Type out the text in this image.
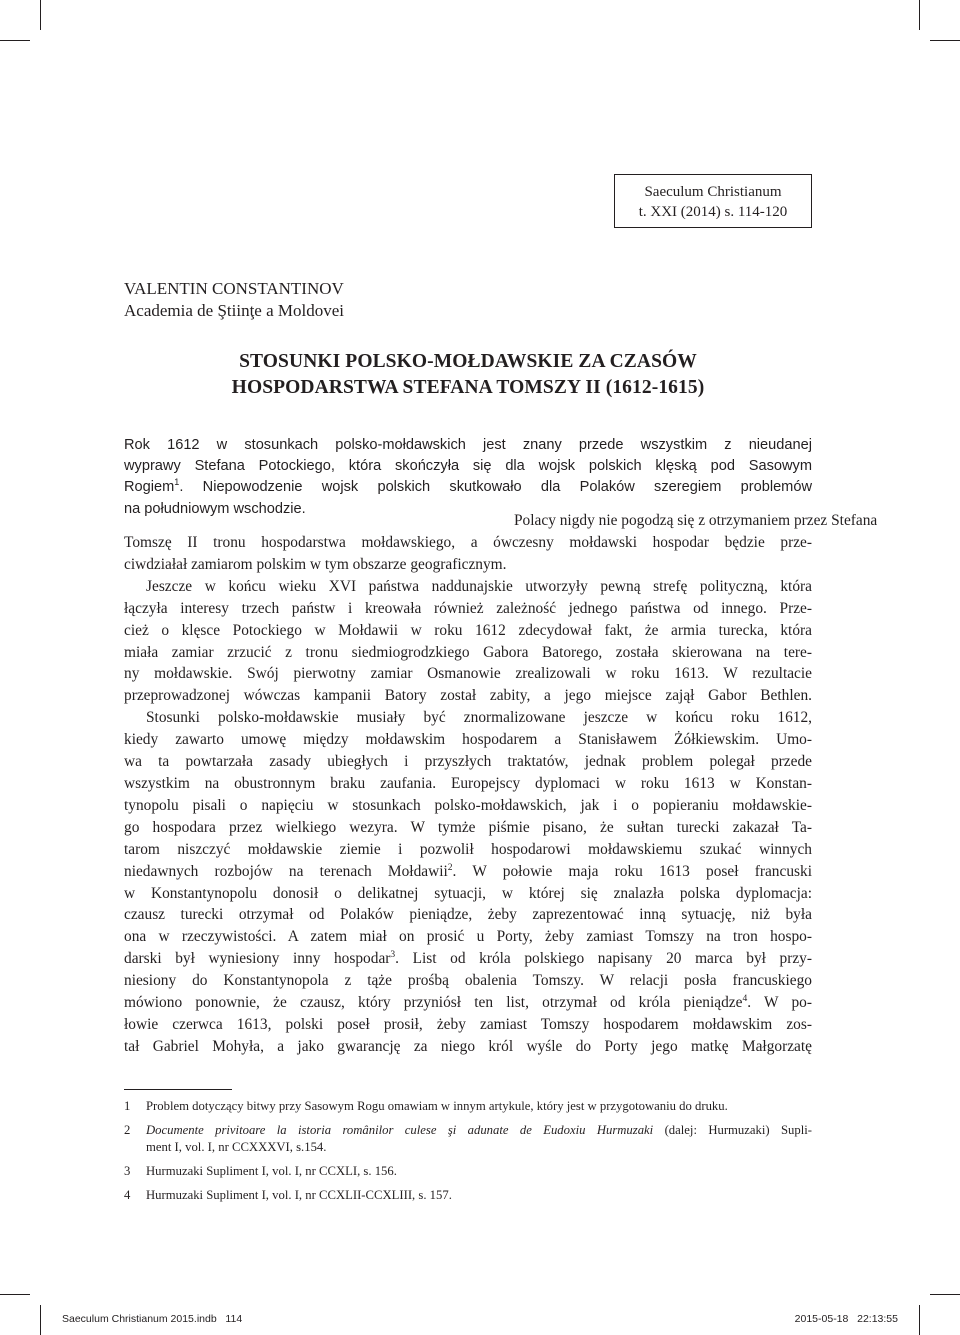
Saeculum Christianum
t. XXI (2014) s. 114-120
VALENTIN CONSTANTINOV
Academia de Ştiinţe a Moldovei
STOSUNKI POLSKO-MOŁDAWSKIE ZA CZASÓW
HOSPODARSTWA STEFANA TOMSZY II (1612-1615)
Rok 1612 w stosunkach polsko-mołdawskich jest znany przede wszystkim z nieudanej
wyprawy Stefana Potockiego, która skończyła się dla wojsk polskich klęską pod Sasowym
Rogiem$^1$. Niepowodzenie wojsk polskich skutkowało dla Polaków szeregiem problemów
na południowym wschodzie.
Polacy nigdy nie pogodzą się z otrzymaniem przez Stefana
Tomszę II tronu hospodarstwa mołdawskiego, a ówczesny mołdawski hospodar będzie prze-
ciwdziałał zamiarom polskim w tym obszarze geograficznym.
Jeszcze w końcu wieku XVI państwa naddunajskie utworzyły pewną strefę polityczną, która
łączyła interesy trzech państw i kreowała również zależność jednego państwa od innego. Prze-
cież o klęsce Potockiego w Mołdawii w roku 1612 zdecydował fakt, że armia turecka, która
miała zamiar zrzucić z tronu siedmiogrodzkiego Gabora Batorego, została skierowana na tere-
ny mołdawskie. Swój pierwotny zamiar Osmanowie zrealizowali w roku 1613. W rezultacie
przeprowadzonej wówczas kampanii Batory został zabity, a jego miejsce zajął Gabor Bethlen.
Stosunki polsko-mołdawskie musiały być znormalizowane jeszcze w końcu roku 1612,
kiedy zawarto umowę między mołdawskim hospodarem a Stanisławem Żółkiewskim. Umo-
wa ta powtarzała zasady ubiegłych i przyszłych traktatów, jednak problem polegał przede
wszystkim na obustronnym braku zaufania. Europejscy dyplomaci w roku 1613 w Konstan-
tynopolu pisali o napięciu w stosunkach polsko-mołdawskich, jak i o popieraniu mołdawskie-
go hospodara przez wielkiego wezyra. W tymże piśmie pisano, że sułtan turecki zakazał Ta-
tarom niszczyć mołdawskie ziemie i pozwolił hospodarowi mołdawskiemu szukać winnych
niedawnych rozbojów na terenach Mołdawii$^2$. W połowie maja roku 1613 poseł francuski
w Konstantynopolu donosił o delikatnej sytuacji, w której się znalazła polska dyplomacja:
czausz turecki otrzymał od Polaków pieniądze, żeby zaprezentować inną sytuację, niż była
ona w rzeczywistości. A zatem miał on prosić u Porty, żeby zamiast Tomszy na tron hospo-
darski był wyniesiony inny hospodar$^3$. List od króla polskiego napisany 20 marca był przy-
niesiony do Konstantynopola z tąże prośbą obalenia Tomszy. W relacji posła francuskiego
mówiono ponownie, że czausz, który przyniósł ten list, otrzymał od króla pieniądze$^4$. W po-
łowie czerwca 1613, polski poseł prosił, żeby zamiast Tomszy hospodarem mołdawskim zos-
tał Gabriel Mohyła, a jako gwarancję za niego król wyśle do Porty jego matkę Małgorzatę
1 Problem dotyczący bitwy przy Sasowym Rogu omawiam w innym artykule, który jest w przygotowaniu do druku.
2 Documente privitoare la istoria românilor culese şi adunate de Eudoxiu Hurmuzaki (dalej: Hurmuzaki) Supli-
ment I, vol. I, nr CCXXXVI, s.154.
3 Hurmuzaki Supliment I, vol. I, nr CCXLI, s. 156.
4 Hurmuzaki Supliment I, vol. I, nr CCXLII-CCXLIII, s. 157.
Saeculum Christianum 2015.indb   114	2015-05-18   22:13:55
